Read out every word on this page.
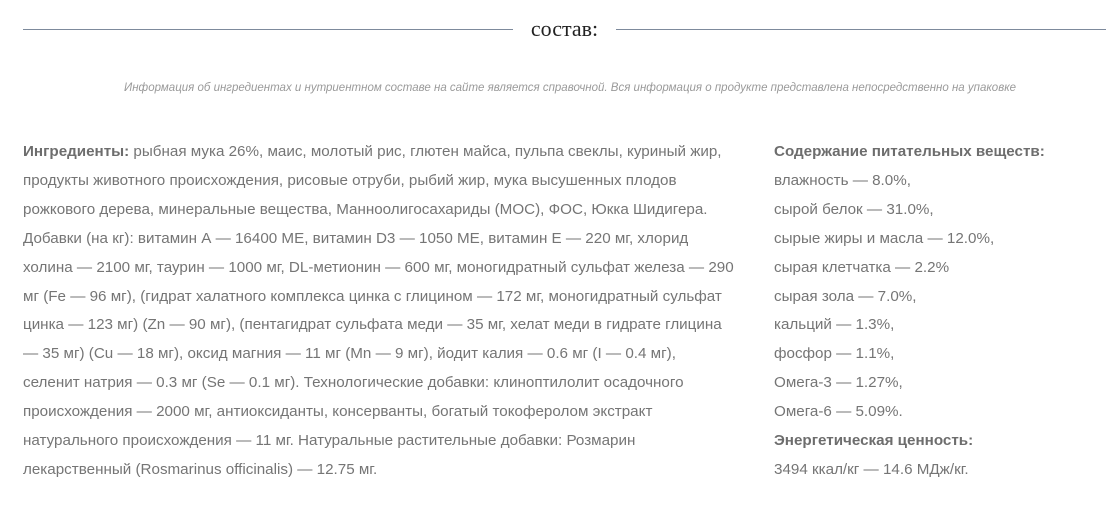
состав:
Информация об ингредиентах и нутриентном составе на сайте является справочной. Вся информация о продукте представлена непосредственно на упаковке
Ингредиенты: рыбная мука 26%, маис, молотый рис, глютен майса, пульпа свеклы, куриный жир, продукты животного происхождения, рисовые отруби, рыбий жир, мука высушенных плодов рожкового дерева, минеральные вещества, Манноолигосахариды (МОС), ФОС, Юкка Шидигера. Добавки (на кг): витамин А — 16400 МЕ, витамин D3 — 1050 МЕ, витамин Е — 220 мг, хлорид холина — 2100 мг, таурин — 1000 мг, DL-метионин — 600 мг, моногидратный сульфат железа — 290 мг (Fe — 96 мг), (гидрат халатного комплекса цинка с глицином — 172 мг, моногидратный сульфат цинка — 123 мг) (Zn — 90 мг), (пентагидрат сульфата меди — 35 мг, хелат меди в гидрате глицина — 35 мг) (Cu — 18 мг), оксид магния — 11 мг (Mn — 9 мг), йодит калия — 0.6 мг (I — 0.4 мг), селенит натрия — 0.3 мг (Se — 0.1 мг). Технологические добавки: клиноптилолит осадочного происхождения — 2000 мг, антиоксиданты, консерванты, богатый токоферолом экстракт натурального происхождения — 11 мг. Натуральные растительные добавки: Розмарин лекарственный (Rosmarinus officinalis) — 12.75 мг.
Содержание питательных веществ:
влажность — 8.0%,
сырой белок — 31.0%,
сырые жиры и масла — 12.0%,
сырая клетчатка — 2.2%
сырая зола — 7.0%,
кальций — 1.3%,
фосфор — 1.1%,
Омега-3 — 1.27%,
Омега-6 — 5.09%.
Энергетическая ценность:
3494 ккал/кг — 14.6 МДж/кг.
